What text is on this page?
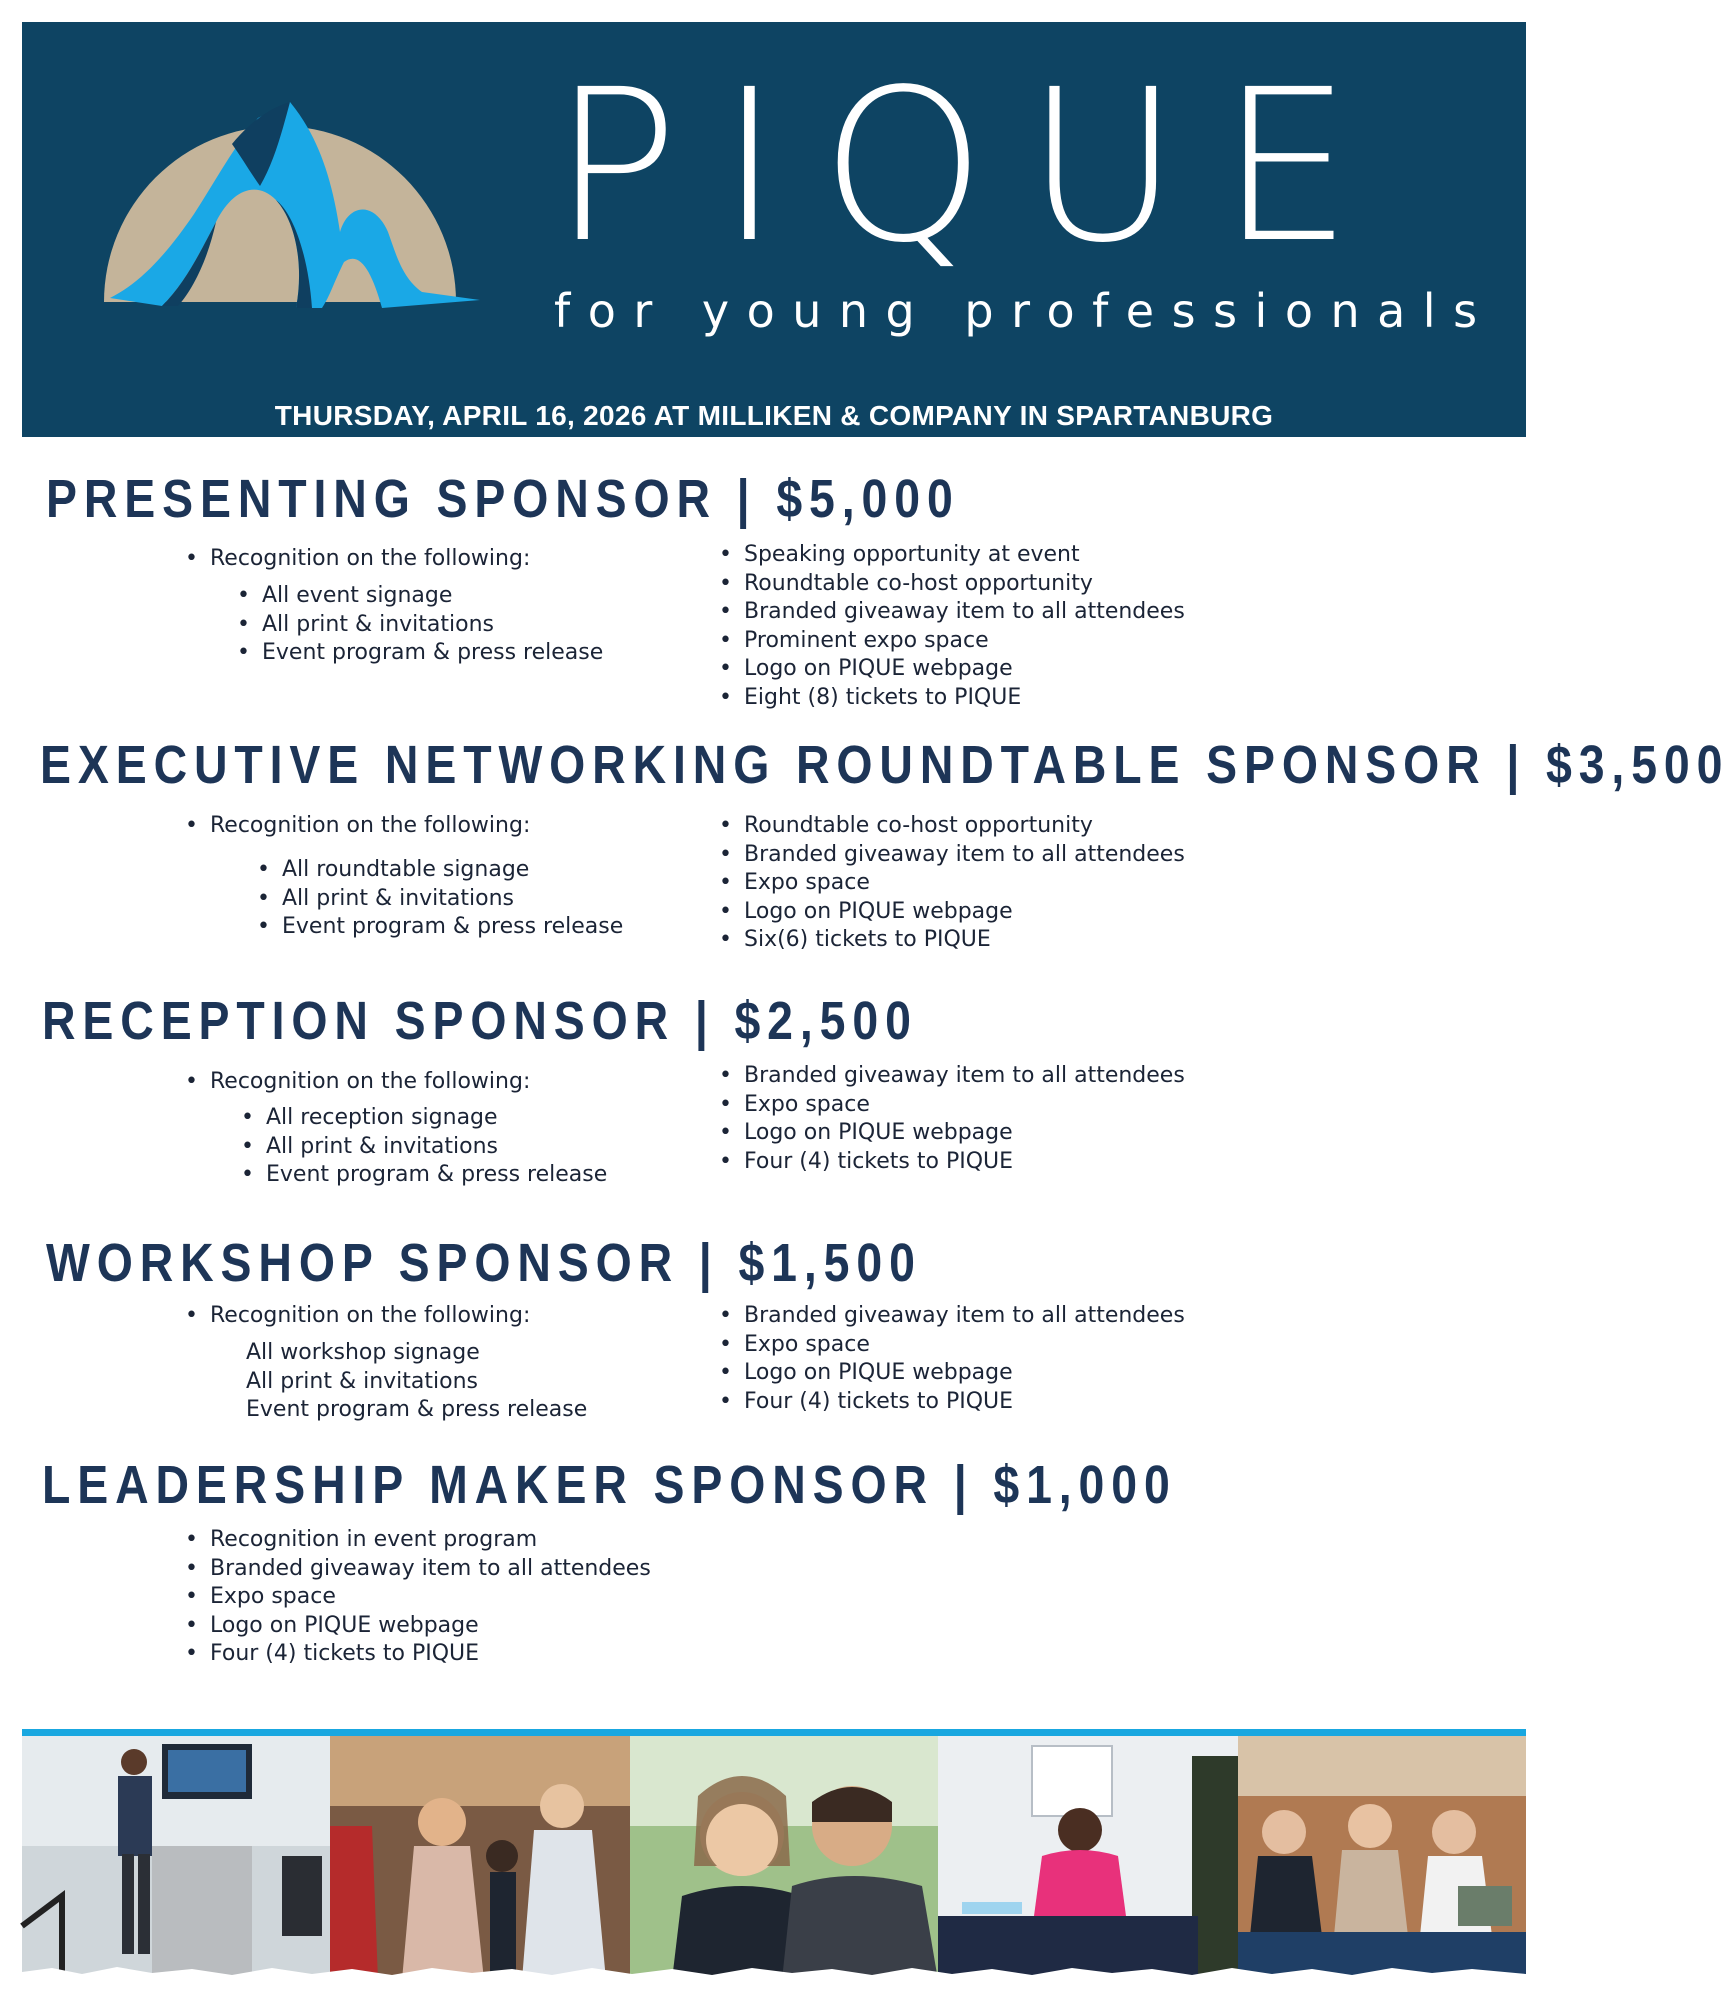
PIQUE
for young professionals
THURSDAY, APRIL 16, 2026 AT MILLIKEN & COMPANY IN SPARTANBURG
PRESENTING SPONSOR | $5,000
• Recognition on the following:
• All event signage
• All print & invitations
• Event program & press release
• Speaking opportunity at event
• Roundtable co-host opportunity
• Branded giveaway item to all attendees
• Prominent expo space
• Logo on PIQUE webpage
• Eight (8) tickets to PIQUE
EXECUTIVE NETWORKING ROUNDTABLE SPONSOR | $3,500
• Recognition on the following:
• All roundtable signage
• All print & invitations
• Event program & press release
• Roundtable co-host opportunity
• Branded giveaway item to all attendees
• Expo space
• Logo on PIQUE webpage
• Six(6) tickets to PIQUE
RECEPTION SPONSOR | $2,500
• Recognition on the following:
• All reception signage
• All print & invitations
• Event program & press release
• Branded giveaway item to all attendees
• Expo space
• Logo on PIQUE webpage
• Four (4) tickets to PIQUE
WORKSHOP SPONSOR | $1,500
• Recognition on the following:
All workshop signage
All print & invitations
Event program & press release
• Branded giveaway item to all attendees
• Expo space
• Logo on PIQUE webpage
• Four (4) tickets to PIQUE
LEADERSHIP MAKER SPONSOR | $1,000
• Recognition in event program
• Branded giveaway item to all attendees
• Expo space
• Logo on PIQUE webpage
• Four (4) tickets to PIQUE
